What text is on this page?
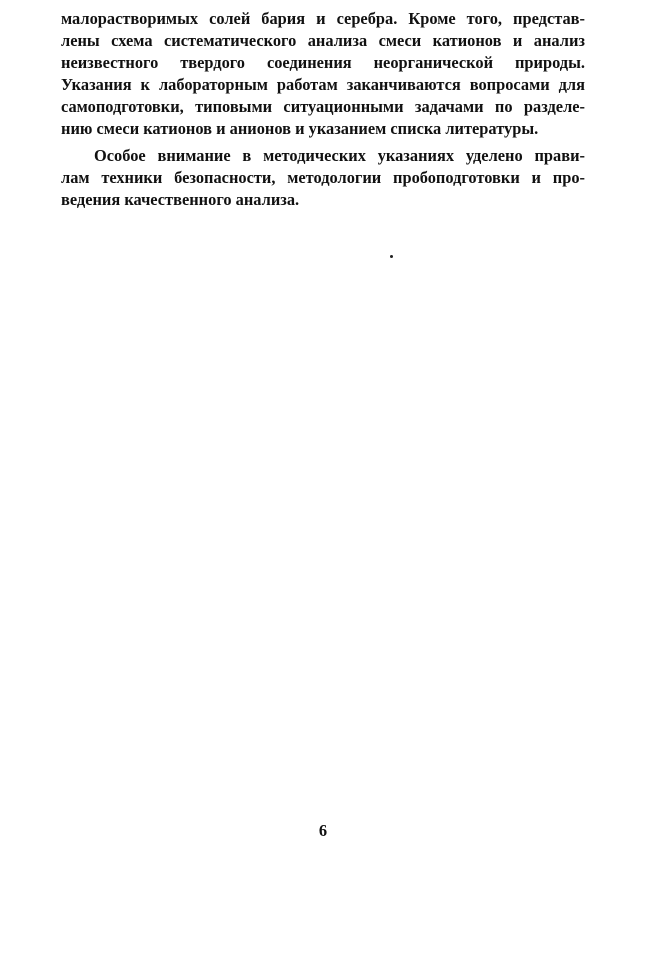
малорастворимых солей бария и серебра. Кроме того, представ-
лены схема систематического анализа смеси катионов и анализ
неизвестного твердого соединения неорганической природы.
Указания к лабораторным работам заканчиваются вопросами для
самоподготовки, типовыми ситуационными задачами по разделе-
нию смеси катионов и анионов и указанием списка литературы.
Особое внимание в методических указаниях уделено прави-
лам техники безопасности, методологии пробоподготовки и про-
ведения качественного анализа.
6
